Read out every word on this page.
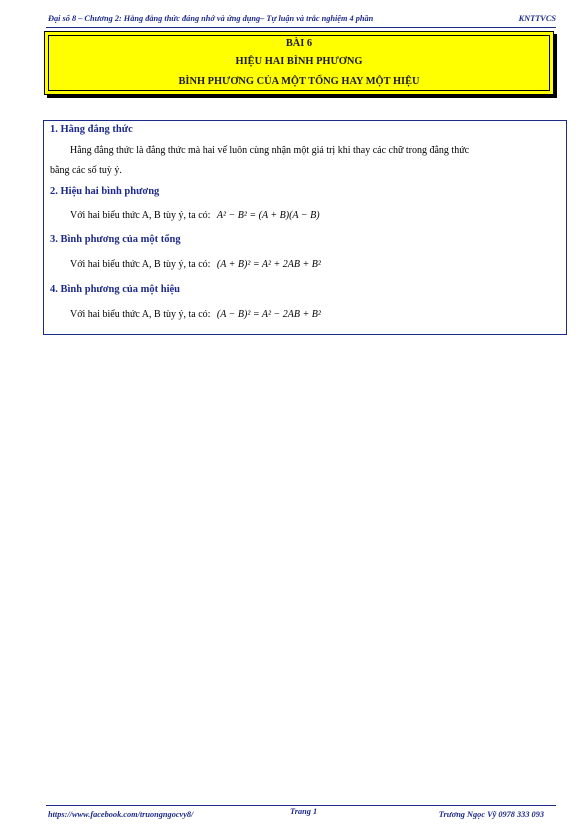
Đại số 8 – Chương 2: Hằng đẳng thức đáng nhớ và ứng dụng– Tự luận và trắc nghiệm 4 phần	KNTTVCS
BÀI 6
HIỆU HAI BÌNH PHƯƠNG
BÌNH PHƯƠNG CỦA MỘT TỔNG HAY MỘT HIỆU
1. Hằng đẳng thức
Hằng đẳng thức là đẳng thức mà hai vế luôn cùng nhận một giá trị khi thay các chữ trong đẳng thức
bằng các số tuỳ ý.
2. Hiệu hai bình phương
Với hai biểu thức A, B tùy ý, ta có: A² − B² = (A + B)(A − B)
3. Bình phương của một tổng
Với hai biểu thức A, B tùy ý, ta có: (A + B)² = A² + 2AB + B²
4. Bình phương của một hiệu
Với hai biểu thức A, B tùy ý, ta có: (A − B)² = A² − 2AB + B²
https://www.facebook.com/truongngocvy8/	Trang 1	Trương Ngọc Vỹ 0978 333 093
